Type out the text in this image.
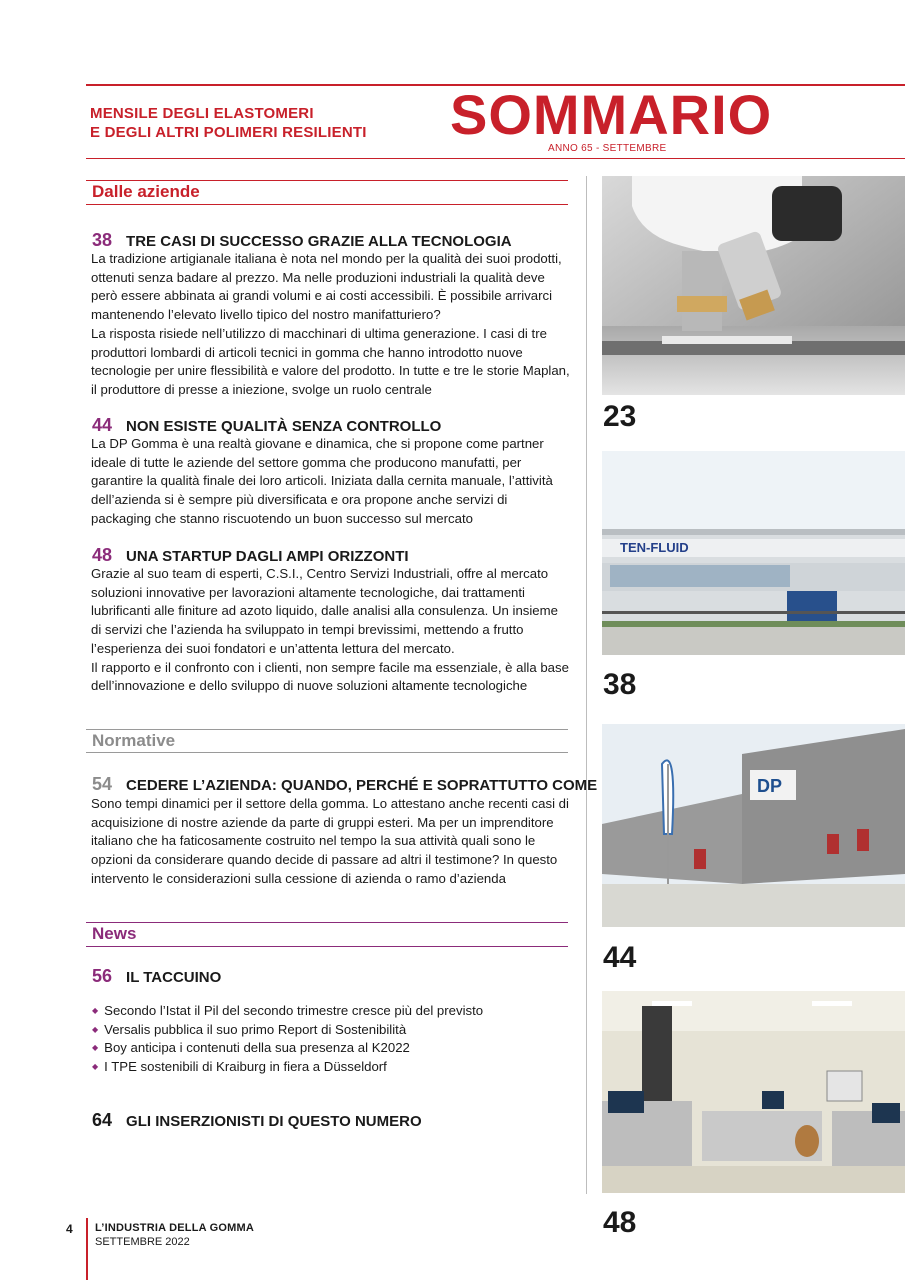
MENSILE DEGLI ELASTOMERI
E DEGLI ALTRI POLIMERI RESILIENTI SOMMARIO
ANNO 65 - SETTEMBRE
Dalle aziende
38 TRE CASI DI SUCCESSO GRAZIE ALLA TECNOLOGIA
La tradizione artigianale italiana è nota nel mondo per la qualità dei suoi prodotti, ottenuti senza badare al prezzo. Ma nelle produzioni industriali la qualità deve però essere abbinata ai grandi volumi e ai costi accessibili. È possibile arrivarci mantenendo l’elevato livello tipico del nostro manifatturiero?
La risposta risiede nell’utilizzo di macchinari di ultima generazione. I casi di tre produttori lombardi di articoli tecnici in gomma che hanno introdotto nuove tecnologie per unire flessibilità e valore del prodotto. In tutte e tre le storie Maplan, il produttore di presse a iniezione, svolge un ruolo centrale
44 NON ESISTE QUALITÀ SENZA CONTROLLO
La DP Gomma è una realtà giovane e dinamica, che si propone come partner ideale di tutte le aziende del settore gomma che producono manufatti, per garantire la qualità finale dei loro articoli. Iniziata dalla cernita manuale, l’attività dell’azienda si è sempre più diversificata e ora propone anche servizi di packaging che stanno riscuotendo un buon successo sul mercato
48 UNA STARTUP DAGLI AMPI ORIZZONTI
Grazie al suo team di esperti, C.S.I., Centro Servizi Industriali, offre al mercato soluzioni innovative per lavorazioni altamente tecnologiche, dai trattamenti lubrificanti alle finiture ad azoto liquido, dalle analisi alla consulenza. Un insieme di servizi che l’azienda ha sviluppato in tempi brevissimi, mettendo a frutto l’esperienza dei suoi fondatori e un’attenta lettura del mercato.
Il rapporto e il confronto con i clienti, non sempre facile ma essenziale, è alla base dell’innovazione e dello sviluppo di nuove soluzioni altamente tecnologiche
Normative
54 CEDERE L’AZIENDA: QUANDO, PERCHÉ E SOPRATTUTTO COME
Sono tempi dinamici per il settore della gomma. Lo attestano anche recenti casi di acquisizione di nostre aziende da parte di gruppi esteri. Ma per un imprenditore italiano che ha faticosamente costruito nel tempo la sua attività quali sono le opzioni da considerare quando decide di passare ad altri il testimone? In questo intervento le considerazioni sulla cessione di azienda o ramo d’azienda
News
56 IL TACCUINO
◆ Secondo l’Istat il Pil del secondo trimestre cresce più del previsto
◆ Versalis pubblica il suo primo Report di Sostenibilità
◆ Boy anticipa i contenuti della sua presenza al K2022
◆ I TPE sostenibili di Kraiburg in fiera a Düsseldorf
64 GLI INSERZIONISTI DI QUESTO NUMERO
23
TEN-FLUID
38
DP
44
48
4 L’INDUSTRIA DELLA GOMMA
SETTEMBRE 2022
